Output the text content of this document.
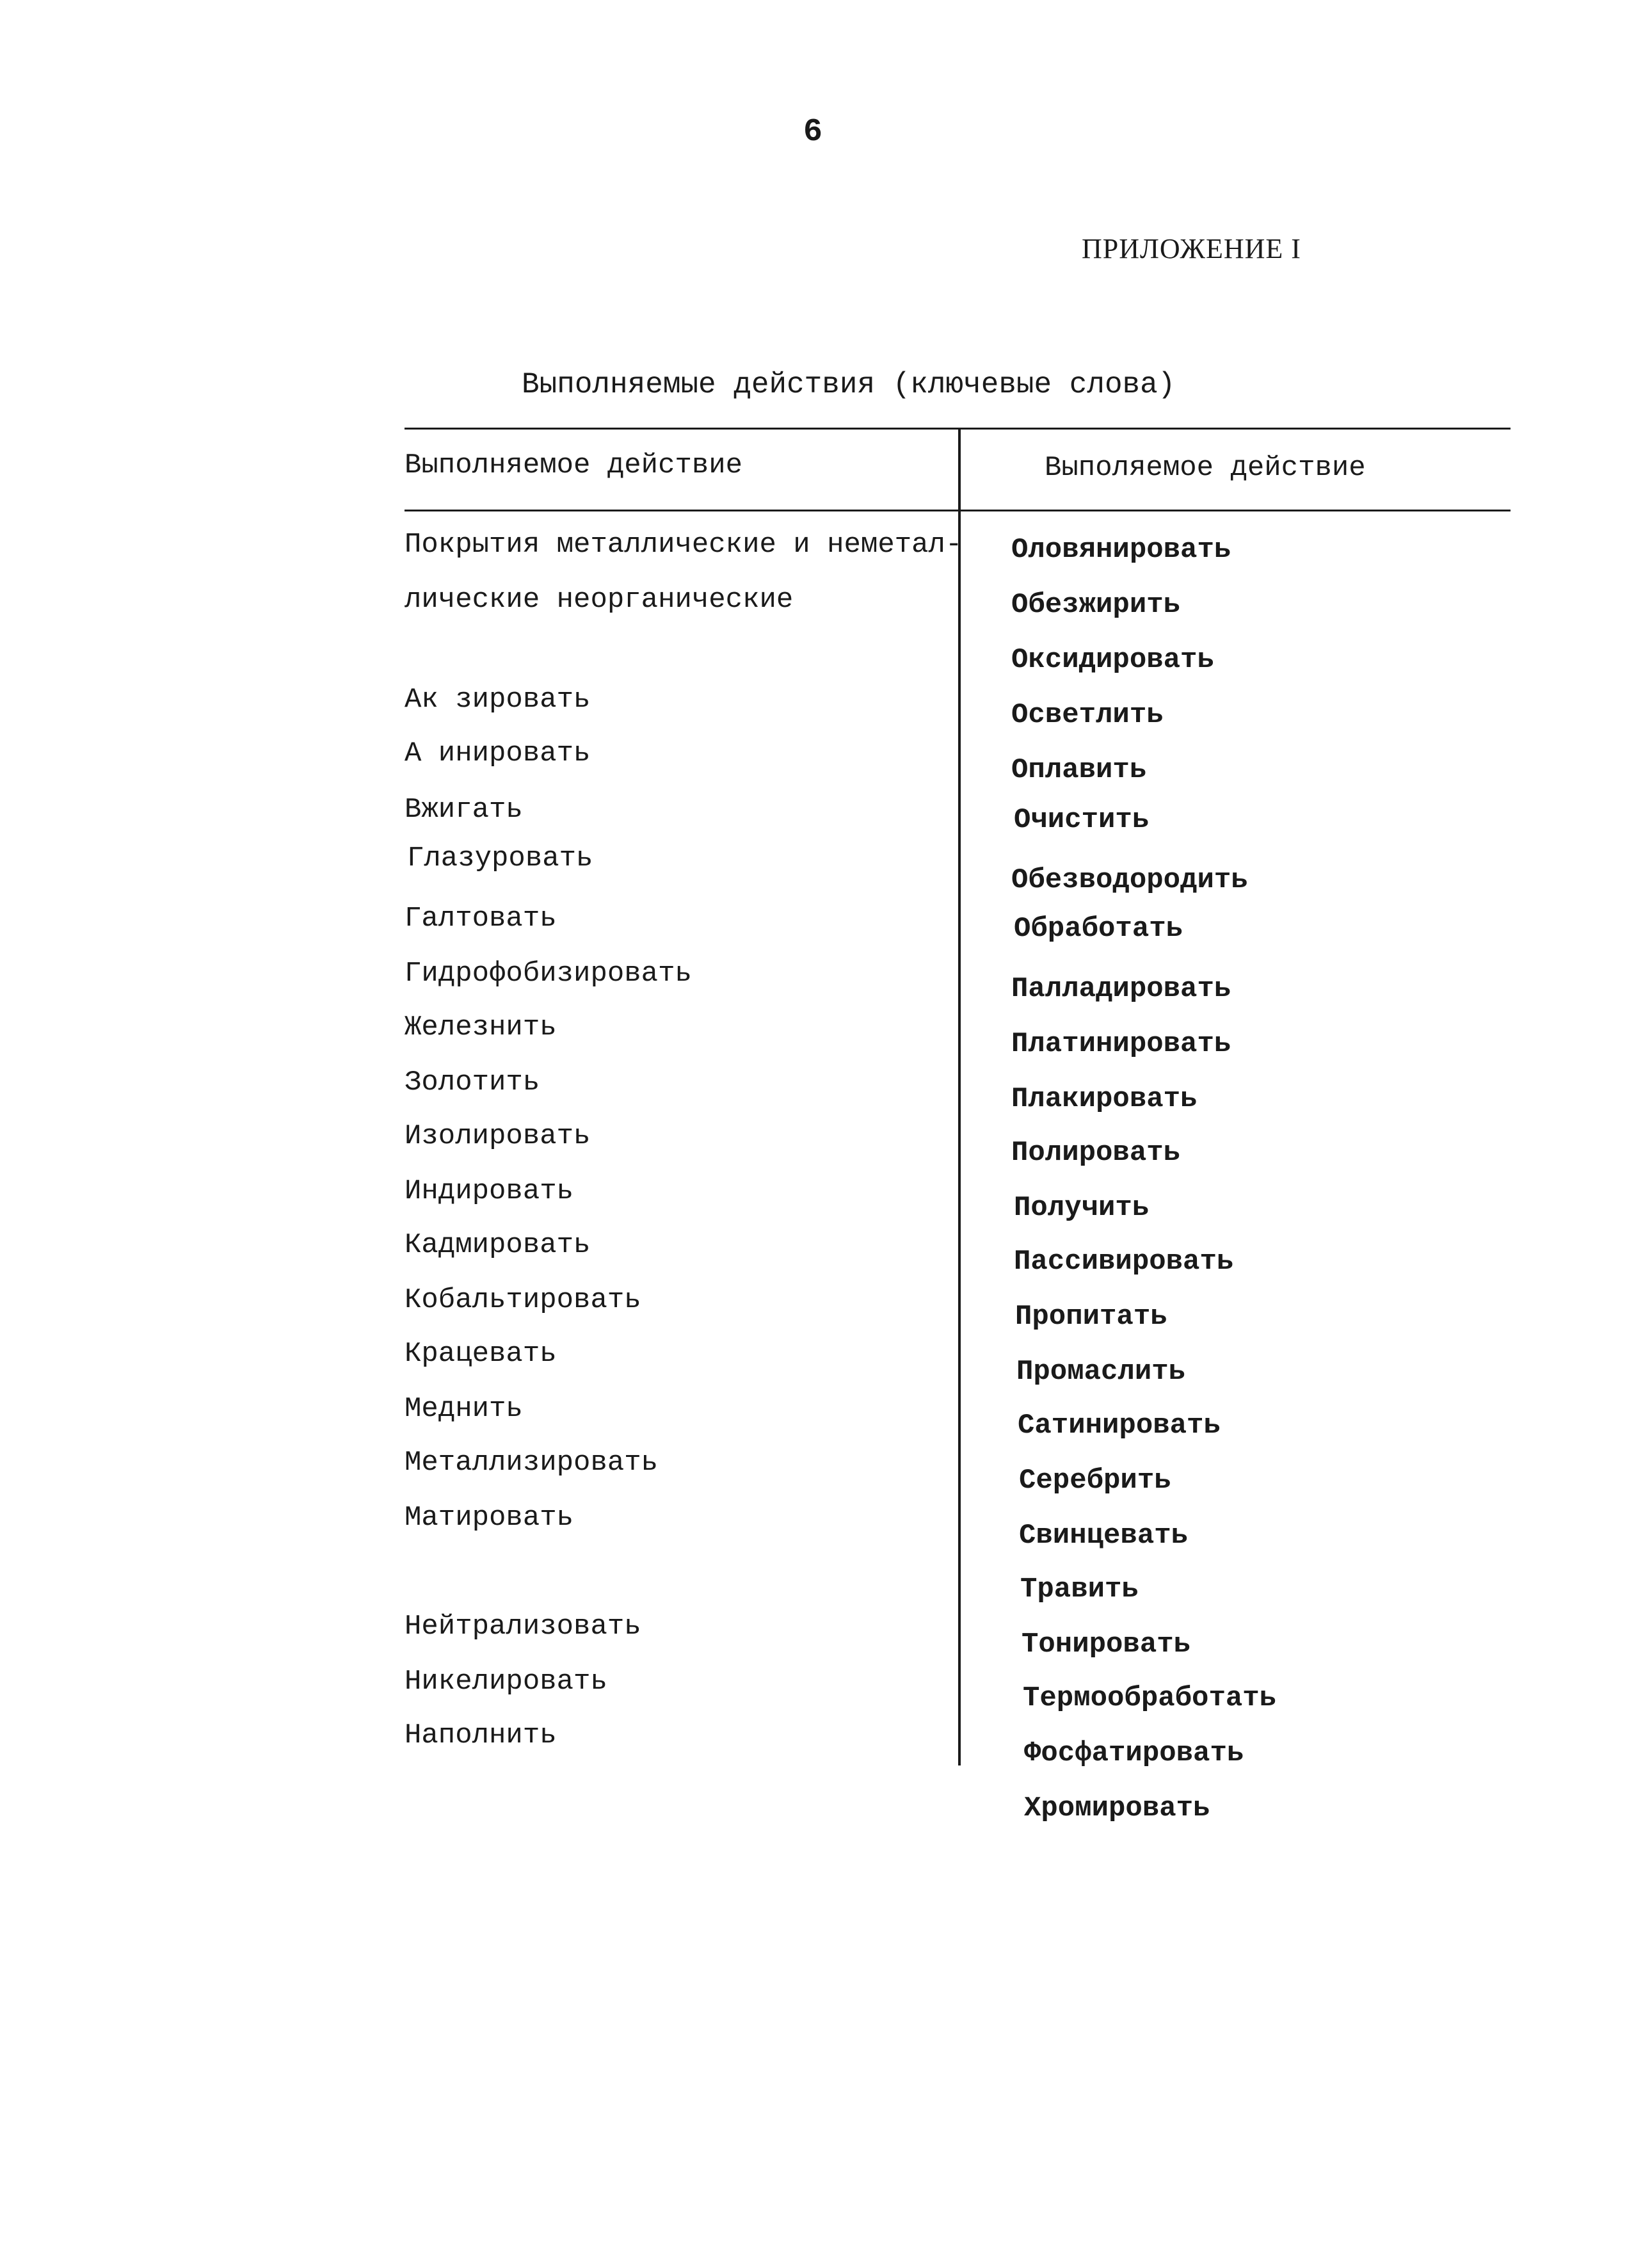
6
ПРИЛОЖЕНИЕ I
Выполняемые действия (ключевые слова)
Выполняемое действие	Выполяемое действие
Покрытия металлические и неметал-
лические неорганические
Ак зировать
А инировать
Вжигать
Глазуровать
Галтовать
Гидрофобизировать
Железнить
Золотить
Изолировать
Индировать
Кадмировать
Кобальтировать
Крацевать
Меднить
Металлизировать
Матировать
Нейтрализовать
Никелировать
Наполнить
Оловянировать
Обезжирить
Оксидировать
Осветлить
Оплавить
Очистить
Обезводородить
Обработать
Палладировать
Платинировать
Плакировать
Полировать
Получить
Пассивировать
Пропитать
Промаслить
Сатинировать
Серебрить
Свинцевать
Травить
Тонировать
Термообработать
Фосфатировать
Хромировать
